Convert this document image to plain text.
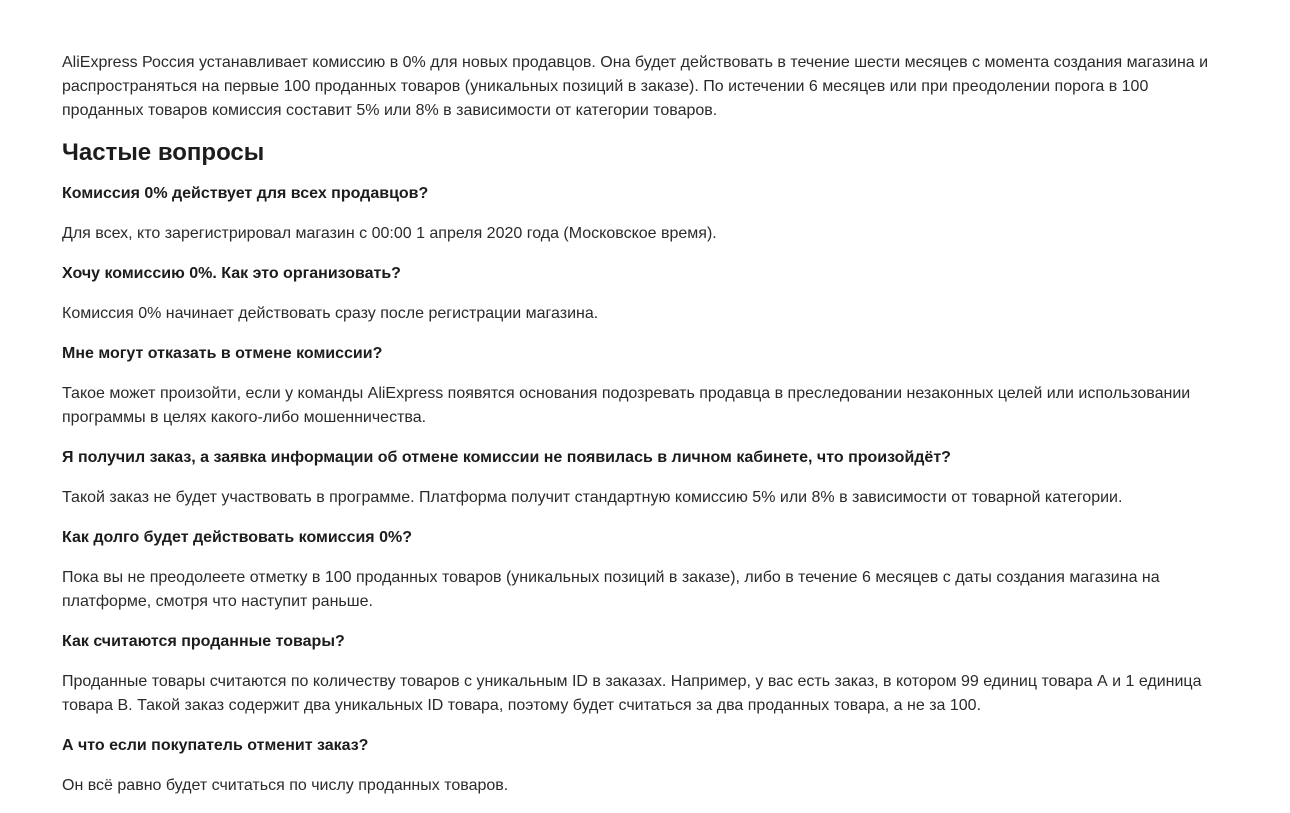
AliExpress Россия устанавливает комиссию в 0% для новых продавцов. Она будет действовать в течение шести месяцев с момента создания магазина и распространяться на первые 100 проданных товаров (уникальных позиций в заказе). По истечении 6 месяцев или при преодолении порога в 100 проданных товаров комиссия составит 5% или 8% в зависимости от категории товаров.

Частые вопросы

Комиссия 0% действует для всех продавцов?

Для всех, кто зарегистрировал магазин с 00:00 1 апреля 2020 года (Московское время).

Хочу комиссию 0%. Как это организовать?

Комиссия 0% начинает действовать сразу после регистрации магазина.

Мне могут отказать в отмене комиссии?

Такое может произойти, если у команды AliExpress появятся основания подозревать продавца в преследовании незаконных целей или использовании программы в целях какого-либо мошенничества.

Я получил заказ, а заявка информации об отмене комиссии не появилась в личном кабинете, что произойдёт?

Такой заказ не будет участвовать в программе. Платформа получит стандартную комиссию 5% или 8% в зависимости от товарной категории.

Как долго будет действовать комиссия 0%?

Пока вы не преодолеете отметку в 100 проданных товаров (уникальных позиций в заказе), либо в течение 6 месяцев с даты создания магазина на платформе, смотря что наступит раньше.

Как считаются проданные товары?

Проданные товары считаются по количеству товаров с уникальным ID в заказах. Например, у вас есть заказ, в котором 99 единиц товара А и 1 единица товара В. Такой заказ содержит два уникальных ID товара, поэтому будет считаться за два проданных товара, а не за 100.

А что если покупатель отменит заказ?

Он всё равно будет считаться по числу проданных товаров.
